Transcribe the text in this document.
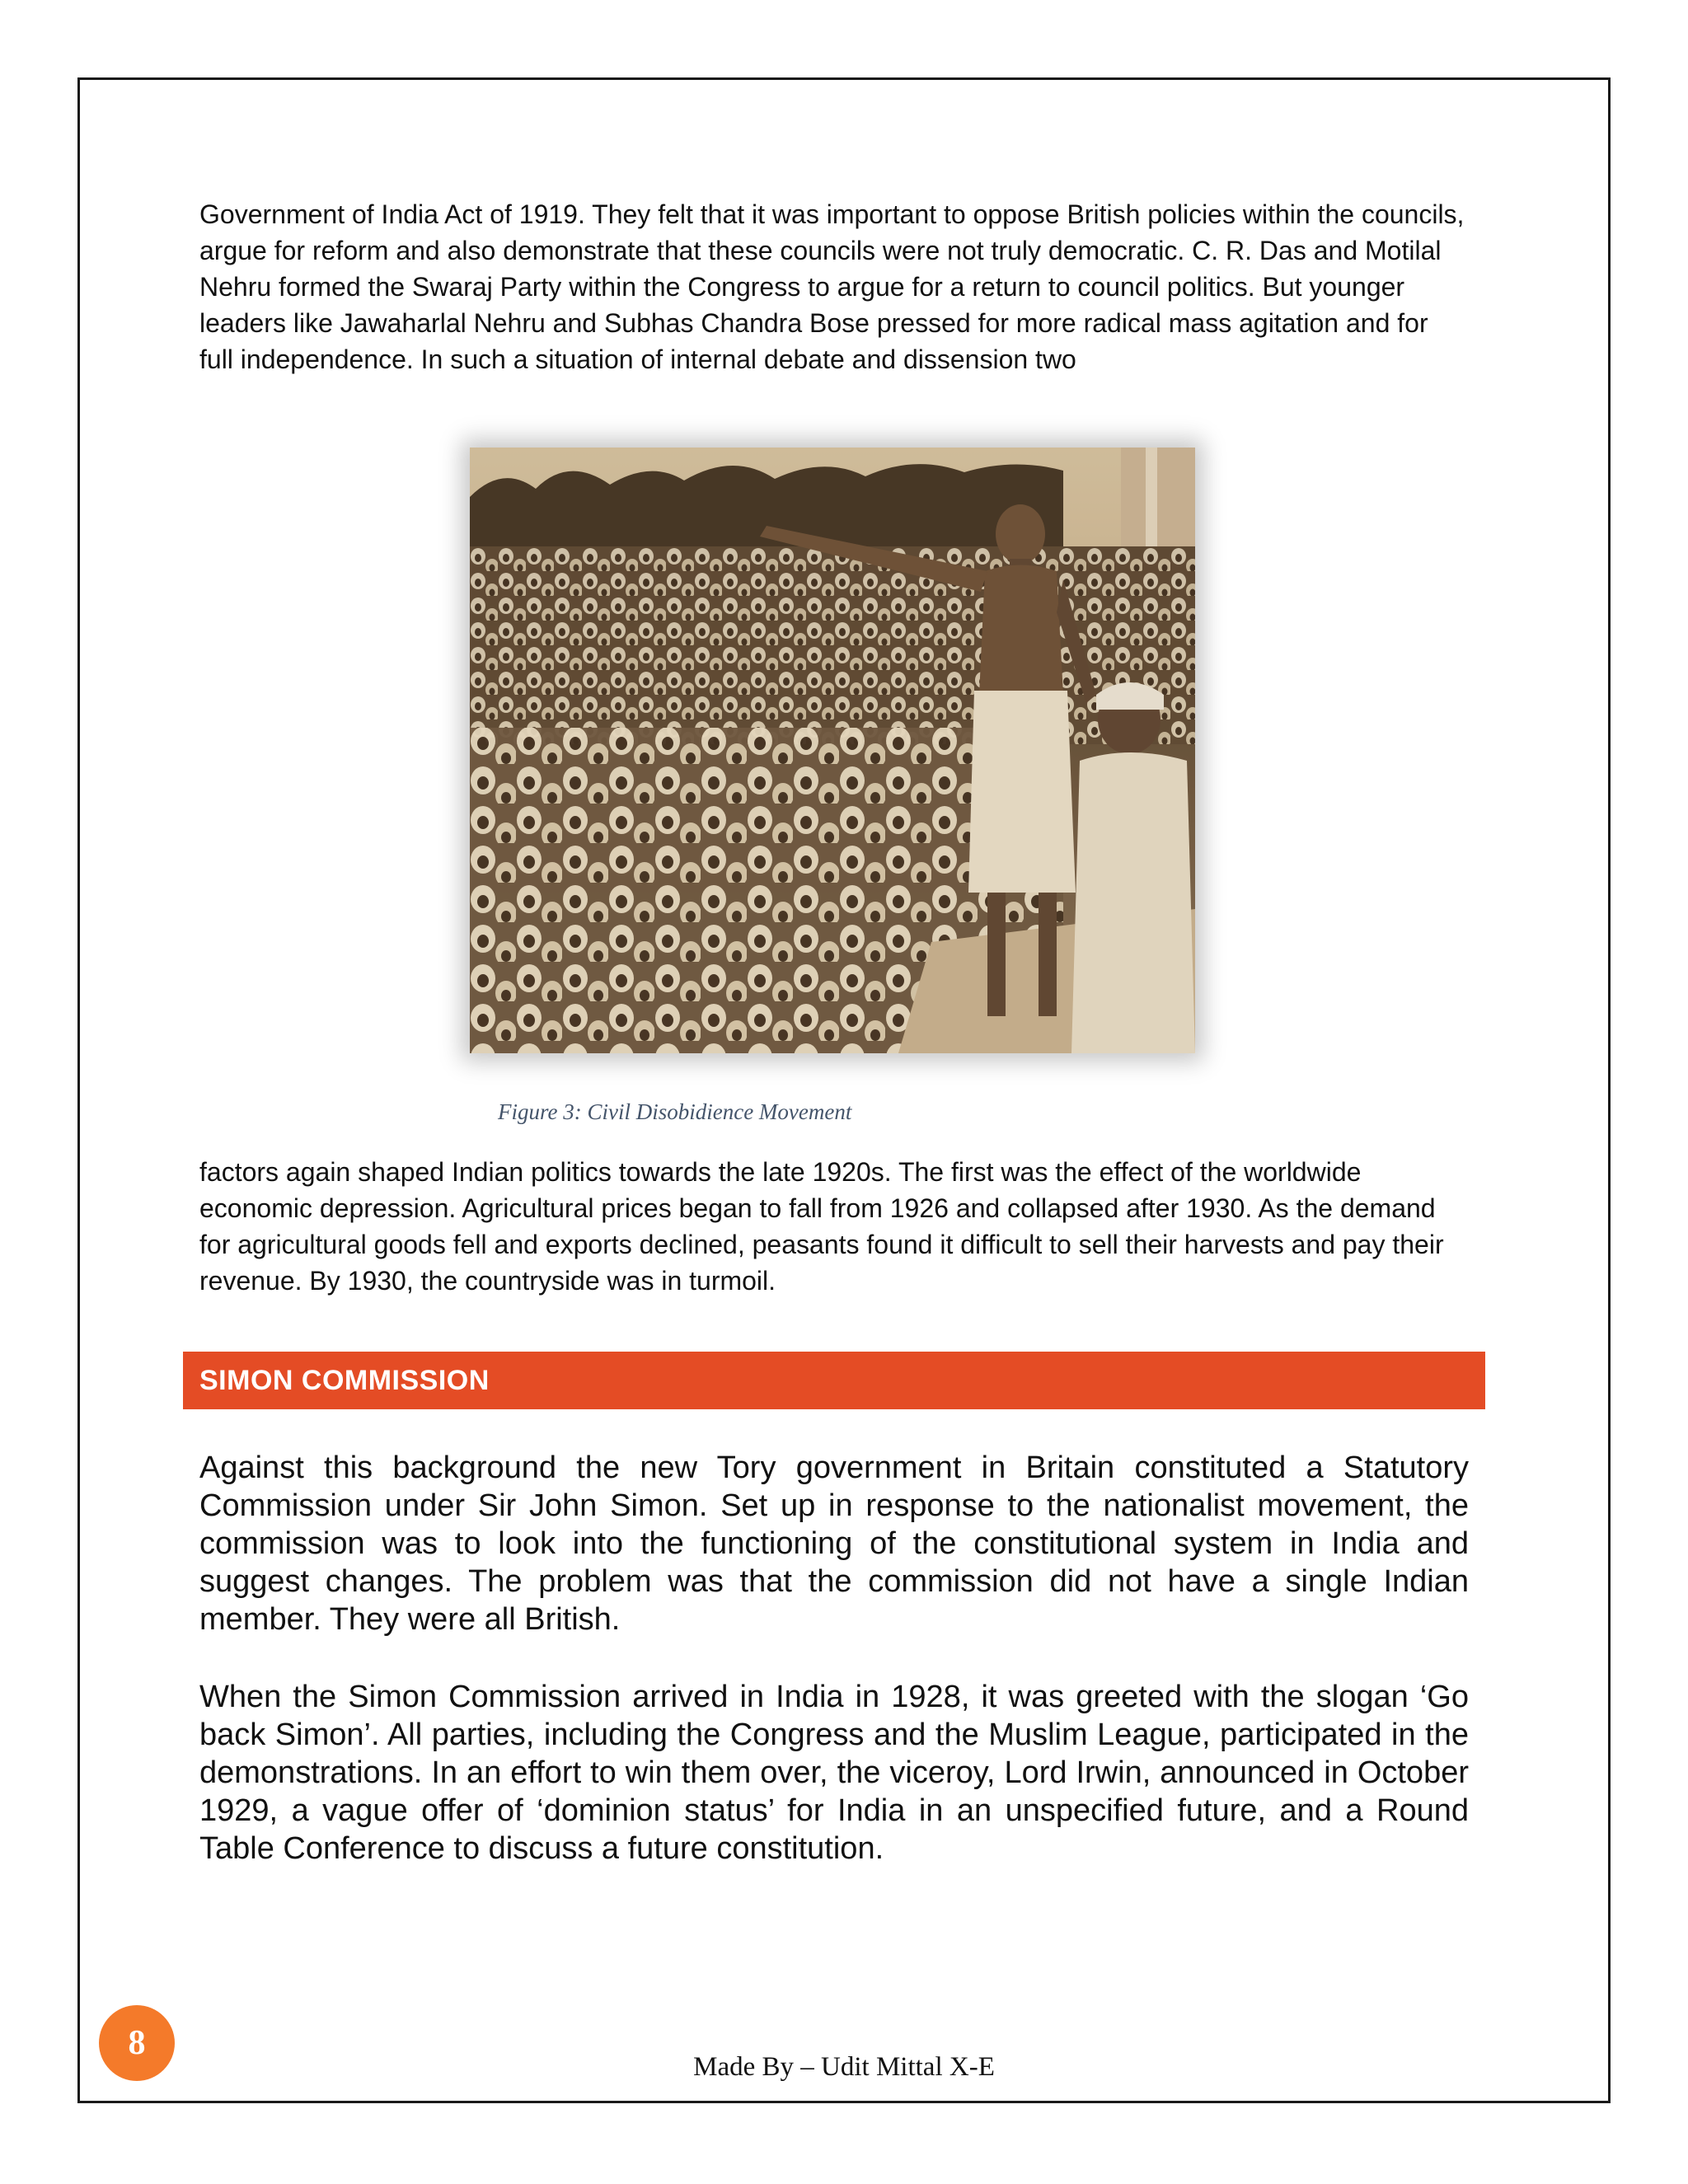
Government of India Act of 1919. They felt that it was important to oppose British policies within the councils, argue for reform and also demonstrate that these councils were not truly democratic. C. R. Das and Motilal Nehru formed the Swaraj Party within the Congress to argue for a return to council politics. But younger leaders like Jawaharlal Nehru and Subhas Chandra Bose pressed for more radical mass agitation and for full independence. In such a situation of internal debate and dissension two

Figure 3: Civil Disobidience Movement

factors again shaped Indian politics towards the late 1920s. The first was the effect of the worldwide economic depression. Agricultural prices began to fall from 1926 and collapsed after 1930. As the demand for agricultural goods fell and exports declined, peasants found it difficult to sell their harvests and pay their revenue. By 1930, the countryside was in turmoil.

SIMON COMMISSION

Against this background the new Tory government in Britain constituted a Statutory Commission under Sir John Simon. Set up in response to the nationalist movement, the commission was to look into the functioning of the constitutional system in India and suggest changes. The problem was that the commission did not have a single Indian member. They were all British.

When the Simon Commission arrived in India in 1928, it was greeted with the slogan ‘Go back Simon’. All parties, including the Congress and the Muslim League, participated in the demonstrations. In an effort to win them over, the viceroy, Lord Irwin, announced in October 1929, a vague offer of ‘dominion status’ for India in an unspecified future, and a Round Table Conference to discuss a future constitution.

8

Made By – Udit Mittal X-E
